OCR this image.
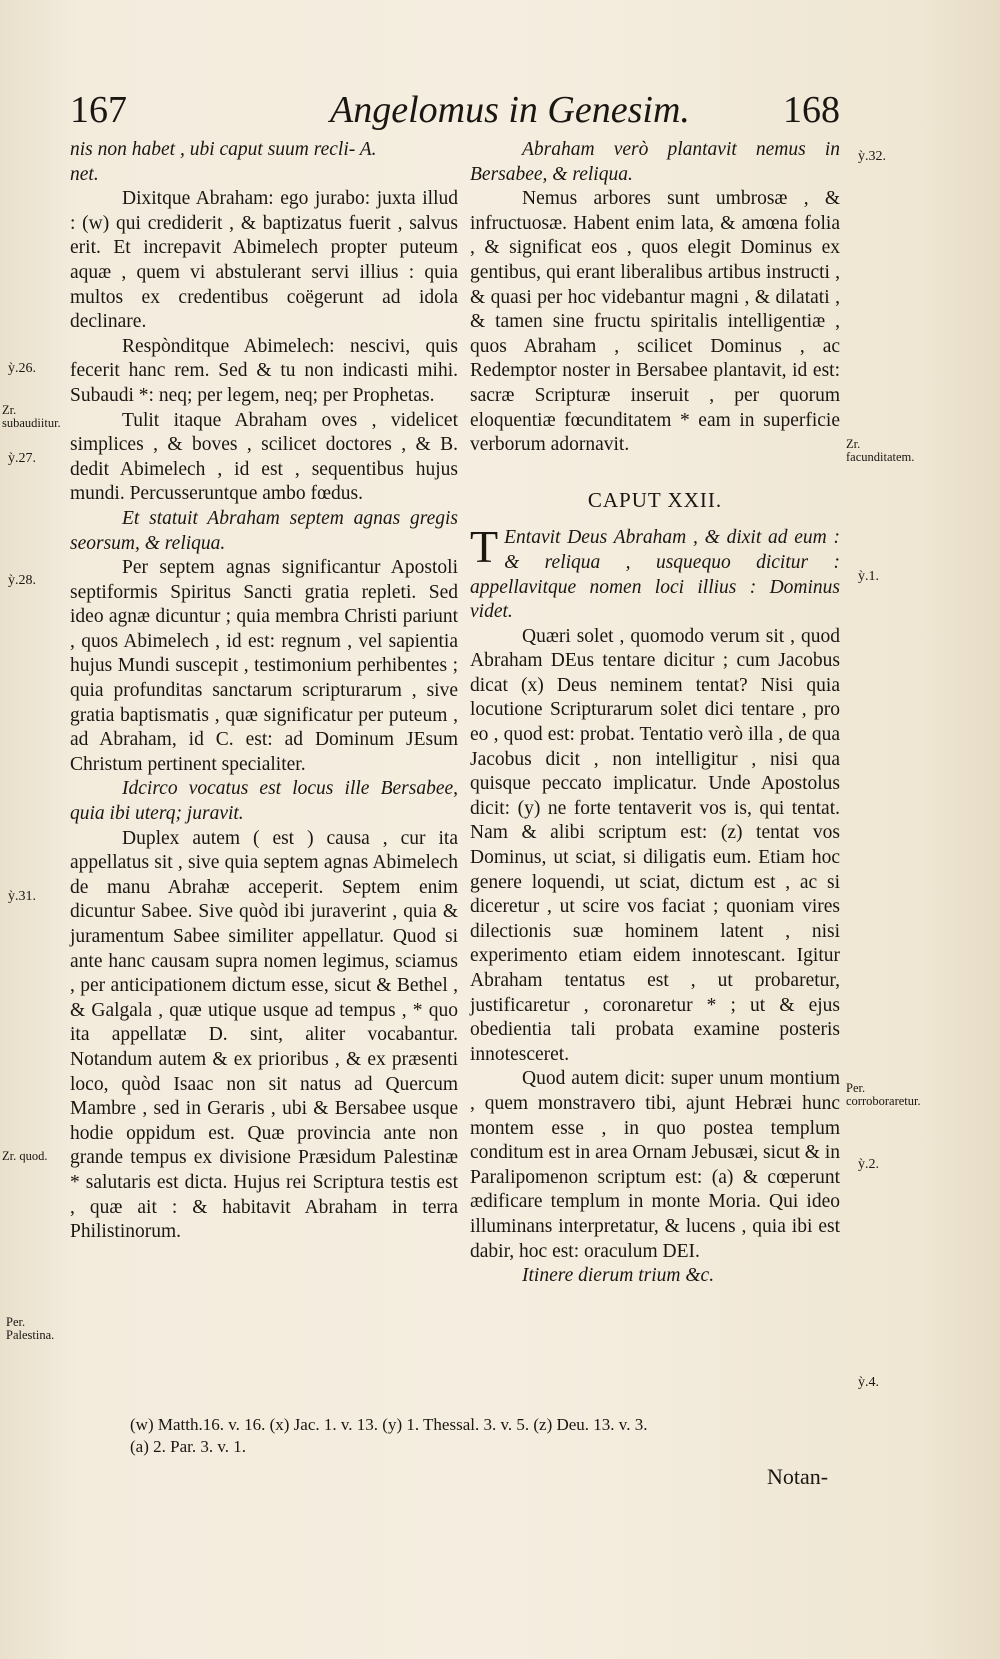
167	Angelomus in Genesim. 168

nis non habet , ubi caput suum recli- A.

net.

Dixitque Abraham: ego jurabo: juxta illud : (w) qui crediderit , & baptizatus fuerit , salvus erit. Et increpavit Abimelech propter puteum aquæ , quem vi abstulerant servi illius : quia multos ex credentibus coëgerunt ad idola declinare.

Respònditque Abimelech: nescivi, quis fecerit hanc rem. Sed & tu non indicasti mihi. Subaudi *: neq; per legem, neq; per Prophetas.

Tulit itaque Abraham oves , videlicet simplices , & boves , scilicet doctores , & B. dedit Abimelech , id est , sequentibus hujus mundi. Percusseruntque ambo fœdus.

Et statuit Abraham septem agnas gregis seorsum, & reliqua.

Per septem agnas significantur Apostoli septiformis Spiritus Sancti gratia repleti. Sed ideo agnæ dicuntur ; quia membra Christi pariunt , quos Abimelech , id est: regnum , vel sapientia hujus Mundi suscepit , testimonium perhibentes ; quia profunditas sanctarum scripturarum , sive gratia baptismatis , quæ significatur per puteum , ad Abraham, id C. est: ad Dominum JEsum Christum pertinent specialiter.

Idcirco vocatus est locus ille Bersabee, quia ibi uterq; juravit.

Duplex autem ( est ) causa , cur ita appellatus sit , sive quia septem agnas Abimelech de manu Abrahæ acceperit. Septem enim dicuntur Sabee. Sive quòd ibi juraverint , quia & juramentum Sabee similiter appellatur. Quod si ante hanc causam supra nomen legimus, sciamus , per anticipationem dictum esse, sicut & Bethel , & Galgala , quæ utique usque ad tempus , * quo ita appellatæ D. sint, aliter vocabantur. Notandum autem & ex prioribus , & ex præsenti loco, quòd Isaac non sit natus ad Quercum Mambre , sed in Geraris , ubi & Bersabee usque hodie oppidum est. Quæ provincia ante non grande tempus ex divisione Præsidum Palestinæ * salutaris est dicta. Hujus rei Scriptura testis est , quæ ait : & habitavit Abraham in terra Philistinorum.

Abraham verò plantavit nemus in Bersabee, & reliqua.

Nemus arbores sunt umbrosæ , & infructuosæ. Habent enim lata, & amœna folia , & significat eos , quos elegit Dominus ex gentibus, qui erant liberalibus artibus instructi , & quasi per hoc videbantur magni , & dilatati , & tamen sine fructu spiritalis intelligentiæ , quos Abraham , scilicet Dominus , ac Redemptor noster in Bersabee plantavit, id est: sacræ Scripturæ inseruit , per quorum eloquentiæ fœcunditatem * eam in superficie verborum adornavit.

CAPUT XXII.

T Entavit Deus Abraham , & dixit ad eum : & reliqua , usquequo dicitur : appellavitque nomen loci illius : Dominus videt.

Quæri solet , quomodo verum sit , quod Abraham DEus tentare dicitur ; cum Jacobus dicat (x) Deus neminem tentat? Nisi quia locutione Scripturarum solet dici tentare , pro eo , quod est: probat. Tentatio verò illa , de qua Jacobus dicit , non intelligitur , nisi qua quisque peccato implicatur. Unde Apostolus dicit: (y) ne forte tentaverit vos is, qui tentat. Nam & alibi scriptum est: (z) tentat vos Dominus, ut sciat, si diligatis eum. Etiam hoc genere loquendi, ut sciat, dictum est , ac si diceretur , ut scire vos faciat ; quoniam vires dilectionis suæ hominem latent , nisi experimento etiam eidem innotescant. Igitur Abraham tentatus est , ut probaretur, justificaretur , coronaretur * ; ut & ejus obedientia tali probata examine posteris innotesceret.

Quod autem dicit: super unum montium , quem monstravero tibi, ajunt Hebræi hunc montem esse , in quo postea templum conditum est in area Ornam Jebusæi, sicut & in Paralipomenon scriptum est: (a) & cœperunt ædificare templum in monte Moria. Qui ideo illuminans interpretatur, & lucens , quia ibi est dabir, hoc est: oraculum DEI.

Itinere dierum trium &c.

ỳ.26.
Zr. subaudiitur.
ỳ.27.
ỳ.28.
ỳ.31.
Zr. quod.
Per. Palestina.
ỳ.32.
Zr. facunditatem.
ỳ.1.
Per. corroboraretur.
ỳ.2.
ỳ.4.
(w) Matth.16. v. 16. (x) Jac. 1. v. 13. (y) 1. Thessal. 3. v. 5. (z) Deu. 13. v. 3.
(a) 2. Par. 3. v. 1.
Notan-
